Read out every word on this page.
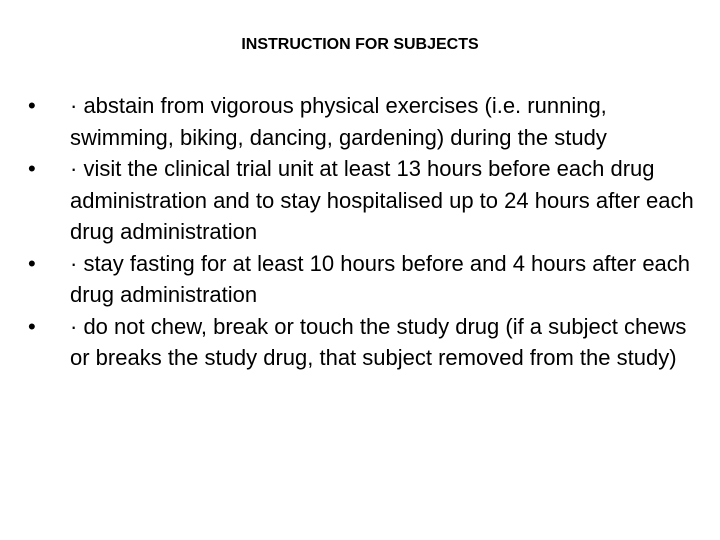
INSTRUCTION FOR SUBJECTS
•	· abstain from vigorous physical exercises (i.e. running, swimming, biking, dancing, gardening) during the study
•	· visit the clinical trial unit at least 13 hours before each drug administration and to stay hospitalised up to 24 hours after each drug administration
•	· stay fasting for at least 10 hours before and 4 hours after each drug administration
•	· do not chew, break or touch the study drug (if a subject chews or breaks the study drug, that subject removed from the study)
